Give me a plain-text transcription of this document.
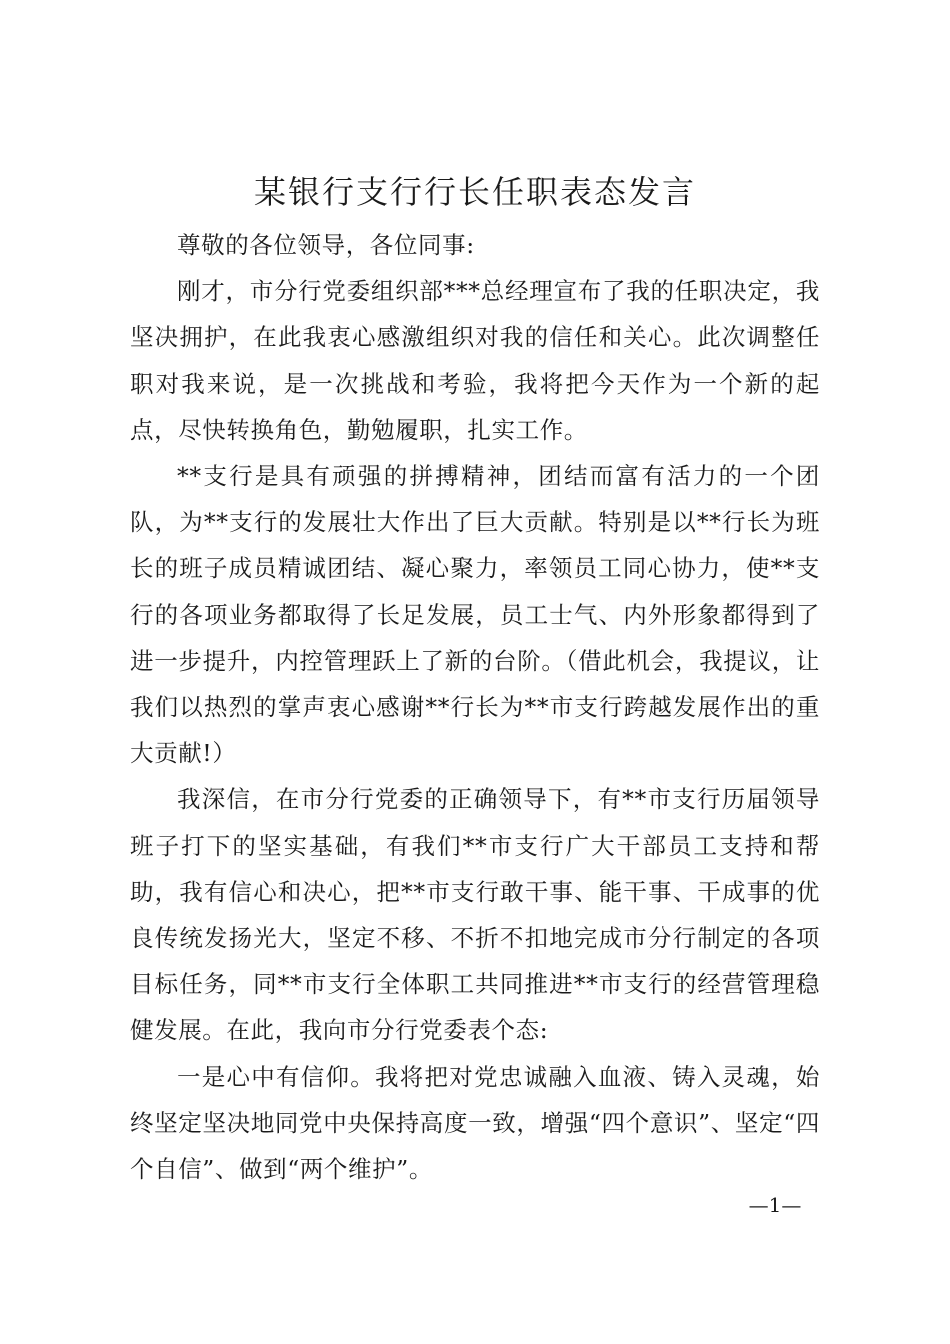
某银行支行行长任职表态发言

尊敬的各位领导，各位同事:

刚才，市分行党委组织部***总经理宣布了我的任职决定，我坚决拥护，在此我衷心感激组织对我的信任和关心。此次调整任职对我来说，是一次挑战和考验，我将把今天作为一个新的起点，尽快转换角色，勤勉履职，扎实工作。

**支行是具有顽强的拼搏精神，团结而富有活力的一个团队，为**支行的发展壮大作出了巨大贡献。特别是以**行长为班长的班子成员精诚团结、凝心聚力，率领员工同心协力，使**支行的各项业务都取得了长足发展，员工士气、内外形象都得到了进一步提升，内控管理跃上了新的台阶。（借此机会，我提议，让我们以热烈的掌声衷心感谢**行长为**市支行跨越发展作出的重大贡献!）

我深信，在市分行党委的正确领导下，有**市支行历届领导班子打下的坚实基础，有我们**市支行广大干部员工支持和帮助，我有信心和决心，把**市支行敢干事、能干事、干成事的优良传统发扬光大，坚定不移、不折不扣地完成市分行制定的各项目标任务，同**市支行全体职工共同推进**市支行的经营管理稳健发展。在此，我向市分行党委表个态:

一是心中有信仰。我将把对党忠诚融入血液、铸入灵魂，始终坚定坚决地同党中央保持高度一致，增强“四个意识”、坚定“四个自信”、做到“两个维护”。

—1—
